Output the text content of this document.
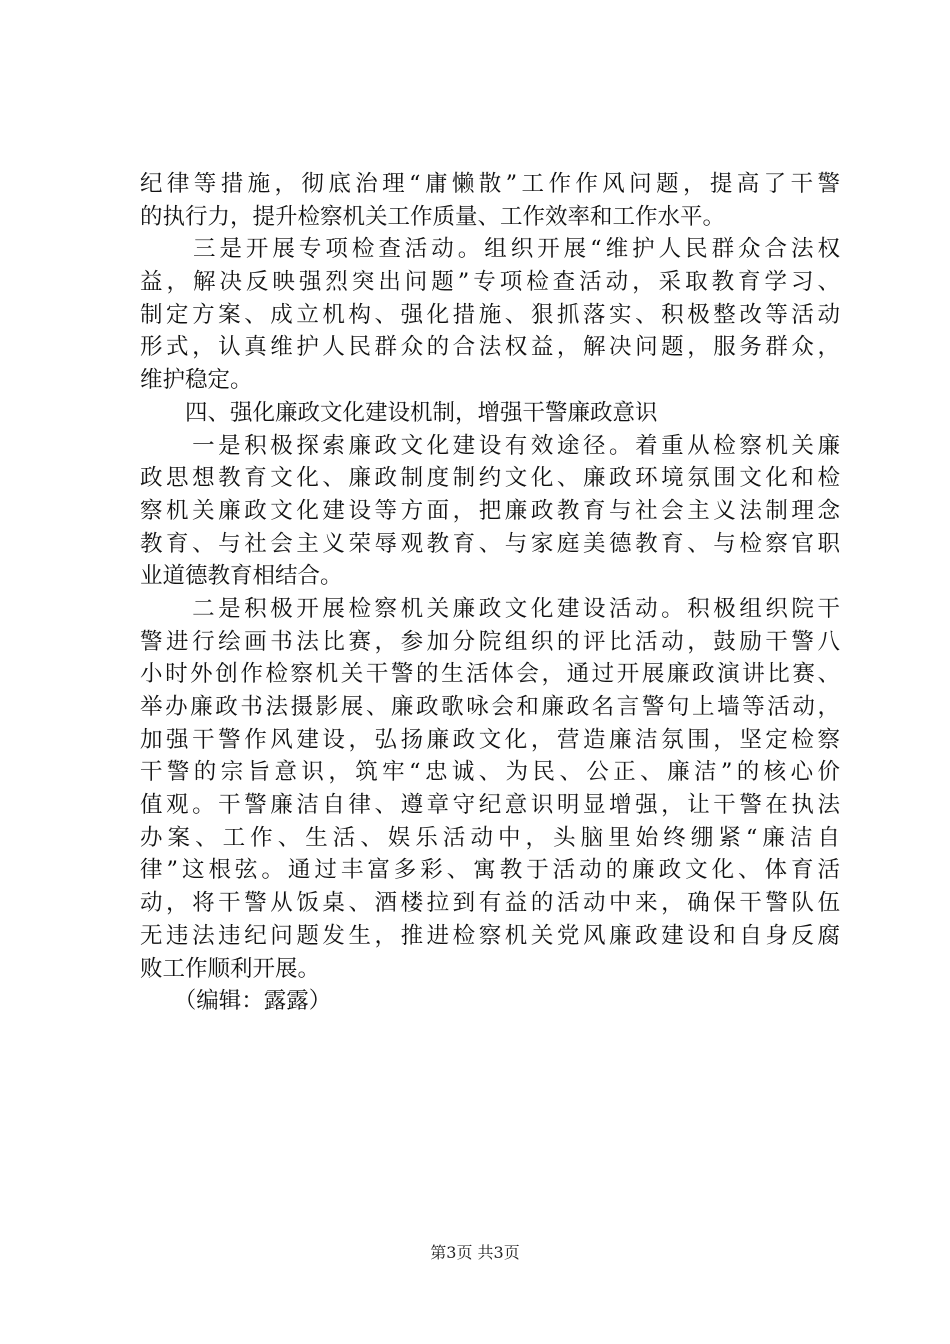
纪律等措施，彻底治理“庸懒散”工作作风问题，提高了干警
的执行力，提升检察机关工作质量、工作效率和工作水平。
　　三是开展专项检查活动。组织开展“维护人民群众合法权
益，解决反映强烈突出问题”专项检查活动，采取教育学习、
制定方案、成立机构、强化措施、狠抓落实、积极整改等活动
形式，认真维护人民群众的合法权益，解决问题，服务群众，
维护稳定。
　　四、强化廉政文化建设机制，增强干警廉政意识
　　一是积极探索廉政文化建设有效途径。着重从检察机关廉
政思想教育文化、廉政制度制约文化、廉政环境氛围文化和检
察机关廉政文化建设等方面，把廉政教育与社会主义法制理念
教育、与社会主义荣辱观教育、与家庭美德教育、与检察官职
业道德教育相结合。
　　二是积极开展检察机关廉政文化建设活动。积极组织院干
警进行绘画书法比赛，参加分院组织的评比活动，鼓励干警八
小时外创作检察机关干警的生活体会，通过开展廉政演讲比赛、
举办廉政书法摄影展、廉政歌咏会和廉政名言警句上墙等活动，
加强干警作风建设，弘扬廉政文化，营造廉洁氛围，坚定检察
干警的宗旨意识，筑牢“忠诚、为民、公正、廉洁”的核心价
值观。干警廉洁自律、遵章守纪意识明显增强，让干警在执法
办案、工作、生活、娱乐活动中，头脑里始终绷紧“廉洁自
律”这根弦。通过丰富多彩、寓教于活动的廉政文化、体育活
动，将干警从饭桌、酒楼拉到有益的活动中来，确保干警队伍
无违法违纪问题发生，推进检察机关党风廉政建设和自身反腐
败工作顺利开展。
　　（编辑：露露）
第3页 共3页
